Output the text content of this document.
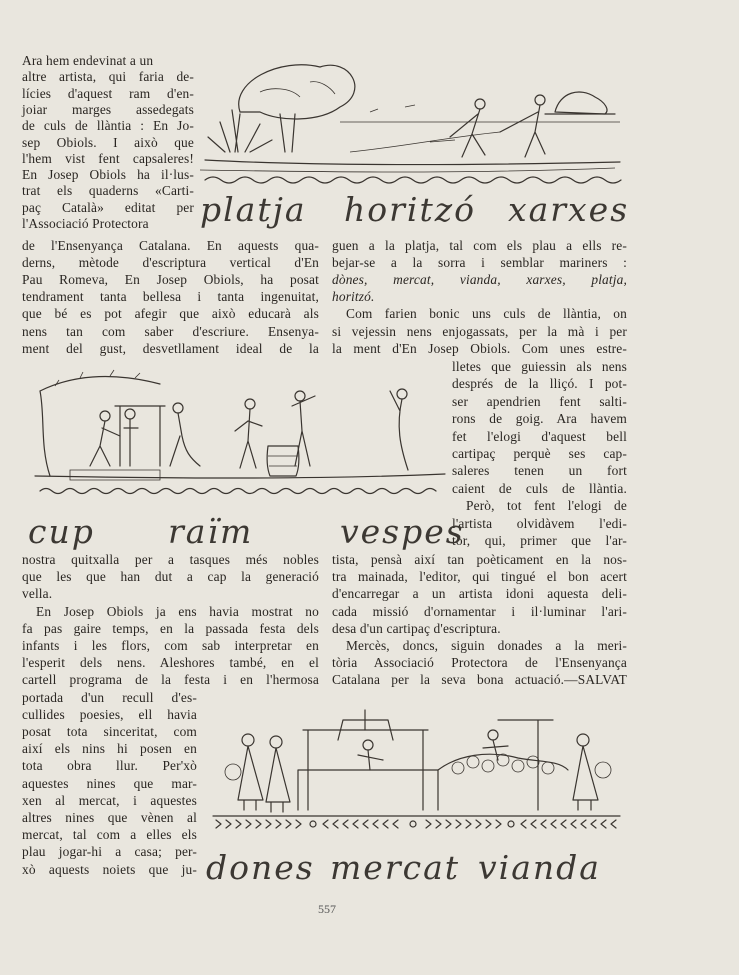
Ara hem endevinat a un
altre artista, qui faria de-
lícies d'aquest ram d'en-
joiar marges assedegats
de culs de llàntia : En Jo-
sep Obiols. I això que
l'hem vist fent capsaleres!
En Josep Obiols ha il·lus-
trat els quaderns «Carti-
paç Català» editat per
l'Associació Protectora
de l'Ensenyança Catalana. En aquests qua-
derns, mètode d'escriptura vertical d'En
Pau Romeva, En Josep Obiols, ha posat
tendrament tanta bellesa i tanta ingenuitat,
que bé es pot afegir que això educarà als
nens tan com saber d'escriure. Ensenya-
ment del gust, desvetllament ideal de la
guen a la platja, tal com els plau a ells re-
bejar-se a la sorra i semblar mariners :
dònes, mercat, vianda, xarxes, platja,
horitzó.
Com farien bonic uns culs de llàntia, on
si vejessin nens enjogassats, per la mà i per
la ment d'En Josep Obiols. Com unes estre-
lletes que guiessin als nens
després de la lliçó. I pot-
ser apendrien fent salti-
rons de goig. Ara havem
fet l'elogi d'aquest bell
cartipaç perquè ses cap-
saleres tenen un fort
caient de culs de llàntia.
Però, tot fent l'elogi de
l'artista olvidàvem l'edi-
tor, qui, primer que l'ar-
nostra quitxalla per a tasques més nobles
que les que han dut a cap la generació
vella.
En Josep Obiols ja ens havia mostrat no
fa pas gaire temps, en la passada festa dels
infants i les flors, com sab interpretar en
l'esperit dels nens. Aleshores també, en el
cartell programa de la festa i en l'hermosa
portada d'un recull d'es-
cullides poesies, ell havia
posat tota sinceritat, com
així els nins hi posen en
tota obra llur. Per'xò
aquestes nines que mar-
xen al mercat, i aquestes
altres nines que vènen al
mercat, tal com a elles els
plau jogar-hi a casa; per-
xò aquests noiets que ju-
tista, pensà així tan poèticament en la nos-
tra mainada, l'editor, qui tingué el bon acert
d'encarregar a un artista idoni aquesta deli-
cada missió d'ornamentar i il·luminar l'ari-
desa d'un cartipaç d'escriptura.
Mercès, doncs, siguin donades a la meri-
tòria Associació Protectora de l'Ensenyança
Catalana per la seva bona actuació.—SALVAT
platja horitzó xarxes
cup raïm	vespes
dones mercat vianda
557
